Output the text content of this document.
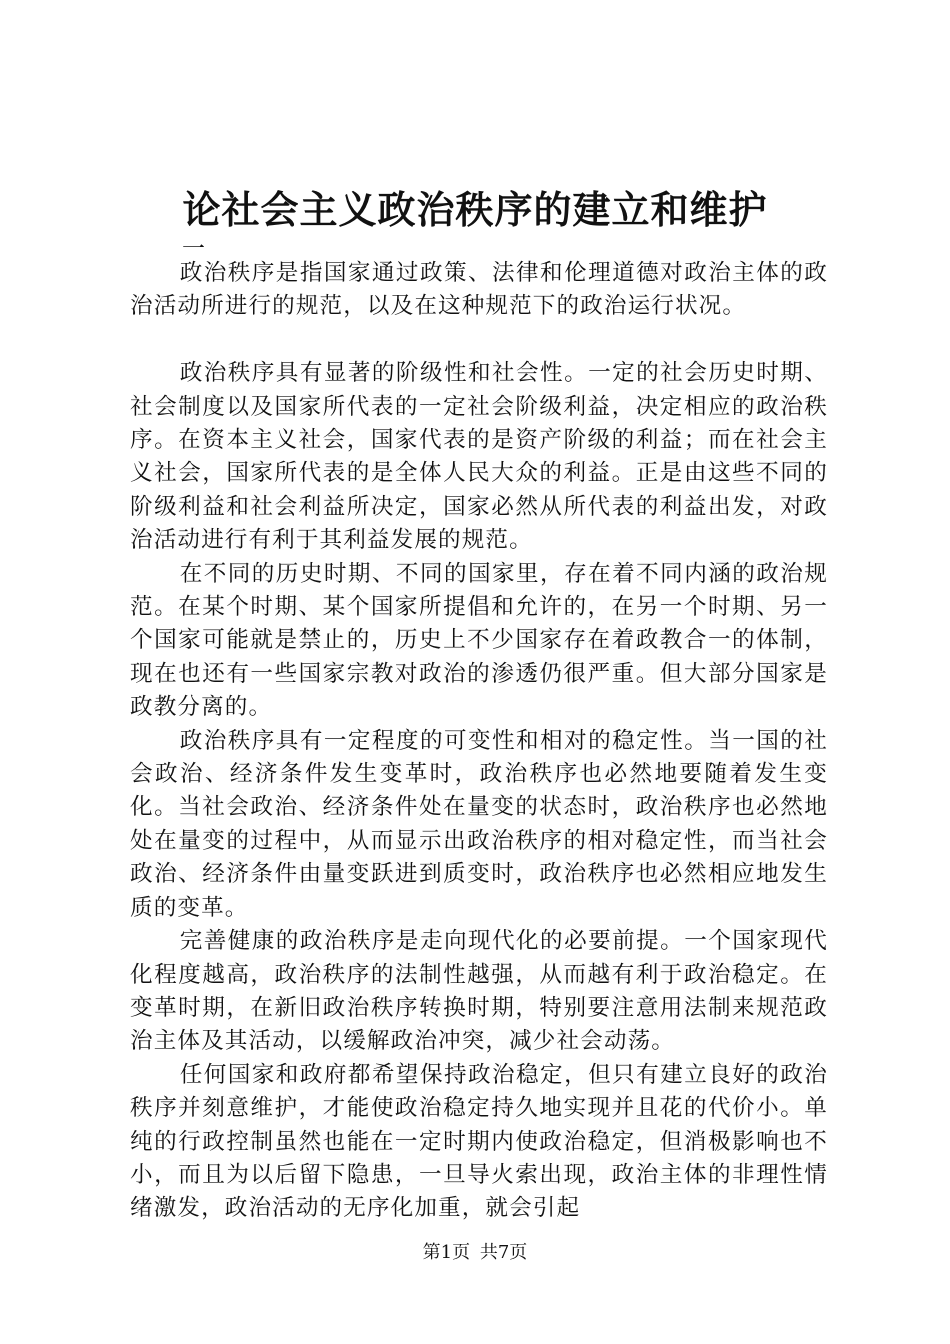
论社会主义政治秩序的建立和维护
一

政治秩序是指国家通过政策、法律和伦理道德对政治主体的政治活动所进行的规范，以及在这种规范下的政治运行状况。

政治秩序具有显著的阶级性和社会性。一定的社会历史时期、社会制度以及国家所代表的一定社会阶级利益，决定相应的政治秩序。在资本主义社会，国家代表的是资产阶级的利益；而在社会主义社会，国家所代表的是全体人民大众的利益。正是由这些不同的阶级利益和社会利益所决定，国家必然从所代表的利益出发，对政治活动进行有利于其利益发展的规范。

在不同的历史时期、不同的国家里，存在着不同内涵的政治规范。在某个时期、某个国家所提倡和允许的，在另一个时期、另一个国家可能就是禁止的，历史上不少国家存在着政教合一的体制，现在也还有一些国家宗教对政治的渗透仍很严重。但大部分国家是政教分离的。

政治秩序具有一定程度的可变性和相对的稳定性。当一国的社会政治、经济条件发生变革时，政治秩序也必然地要随着发生变化。当社会政治、经济条件处在量变的状态时，政治秩序也必然地处在量变的过程中，从而显示出政治秩序的相对稳定性，而当社会政治、经济条件由量变跃进到质变时，政治秩序也必然相应地发生质的变革。

完善健康的政治秩序是走向现代化的必要前提。一个国家现代化程度越高，政治秩序的法制性越强，从而越有利于政治稳定。在变革时期，在新旧政治秩序转换时期，特别要注意用法制来规范政治主体及其活动，以缓解政治冲突，减少社会动荡。

任何国家和政府都希望保持政治稳定，但只有建立良好的政治秩序并刻意维护，才能使政治稳定持久地实现并且花的代价小。单纯的行政控制虽然也能在一定时期内使政治稳定，但消极影响也不小，而且为以后留下隐患，一旦导火索出现，政治主体的非理性情绪激发，政治活动的无序化加重，就会引起

第1页 共7页
